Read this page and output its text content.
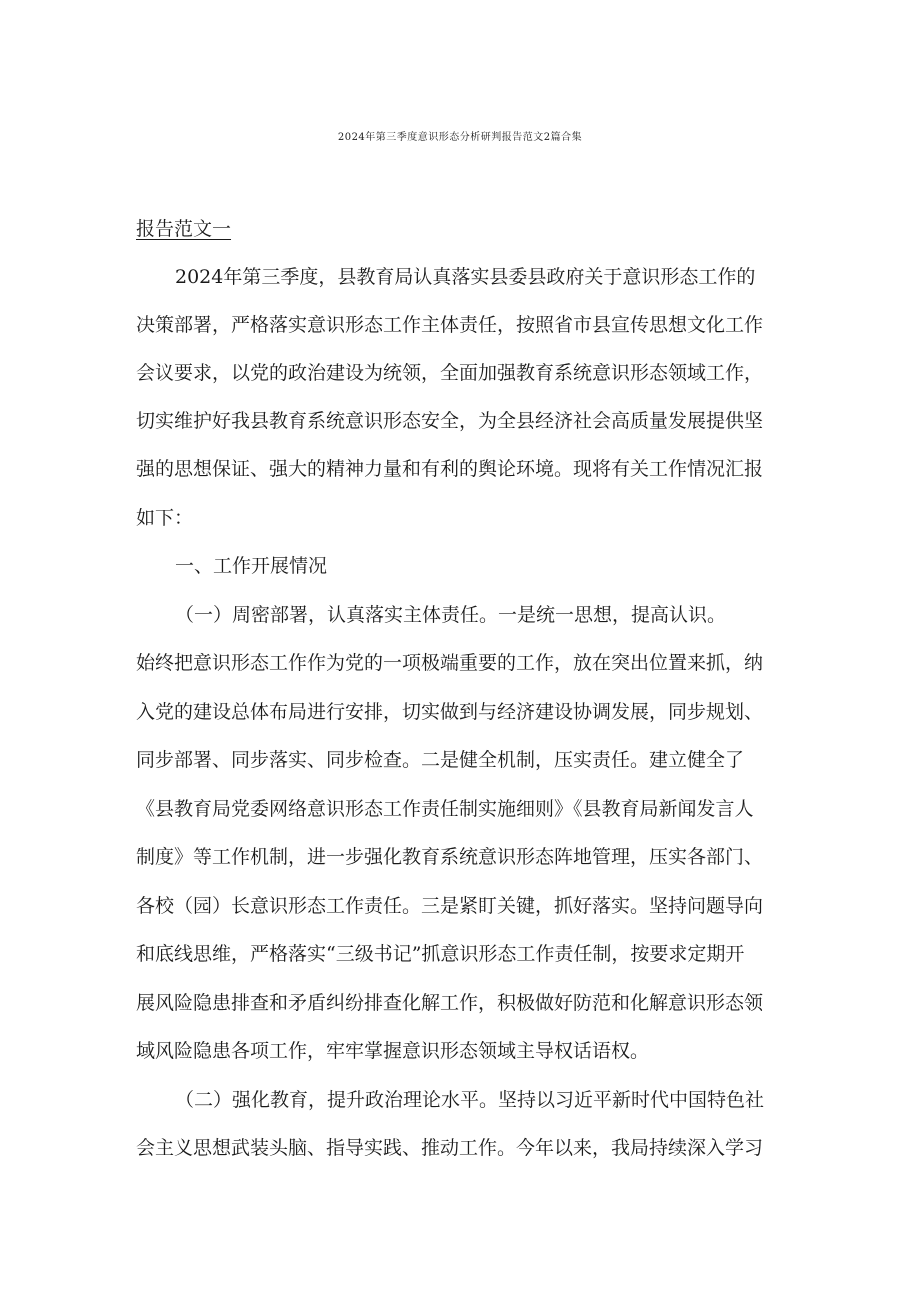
2024年第三季度意识形态分析研判报告范文2篇合集
报告范文一
2024年第三季度，县教育局认真落实县委县政府关于意识形态工作的
决策部署，严格落实意识形态工作主体责任，按照省市县宣传思想文化工作
会议要求，以党的政治建设为统领，全面加强教育系统意识形态领域工作，
切实维护好我县教育系统意识形态安全，为全县经济社会高质量发展提供坚
强的思想保证、强大的精神力量和有利的舆论环境。现将有关工作情况汇报
如下：
一、工作开展情况
（一）周密部署，认真落实主体责任。一是统一思想，提高认识。
始终把意识形态工作作为党的一项极端重要的工作，放在突出位置来抓，纳
入党的建设总体布局进行安排，切实做到与经济建设协调发展，同步规划、
同步部署、同步落实、同步检查。二是健全机制，压实责任。建立健全了
《县教育局党委网络意识形态工作责任制实施细则》《县教育局新闻发言人
制度》等工作机制，进一步强化教育系统意识形态阵地管理，压实各部门、
各校（园）长意识形态工作责任。三是紧盯关键，抓好落实。坚持问题导向
和底线思维，严格落实“三级书记”抓意识形态工作责任制，按要求定期开
展风险隐患排查和矛盾纠纷排查化解工作，积极做好防范和化解意识形态领
域风险隐患各项工作，牢牢掌握意识形态领域主导权话语权。
（二）强化教育，提升政治理论水平。坚持以习近平新时代中国特色社
会主义思想武装头脑、指导实践、推动工作。今年以来，我局持续深入学习
